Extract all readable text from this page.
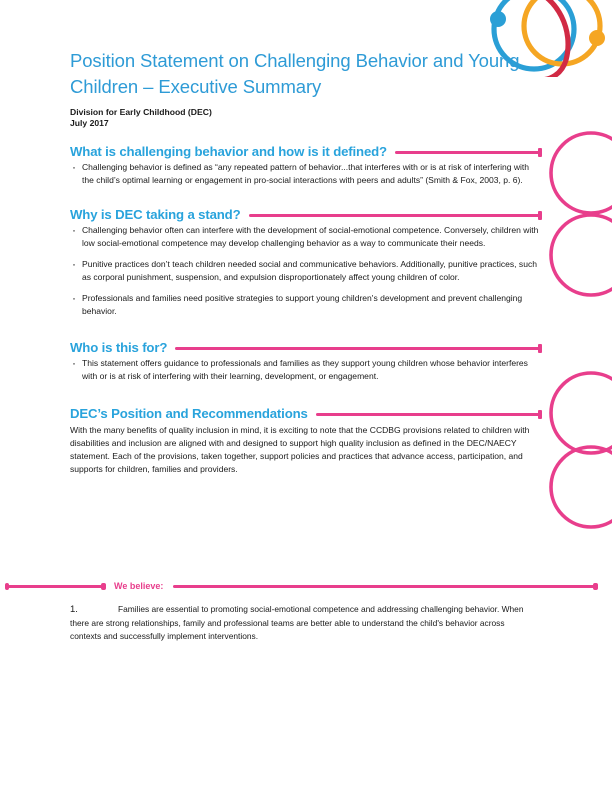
Position Statement on Challenging Behavior and Young Children – Executive Summary
Division for Early Childhood (DEC)
July 2017
What is challenging behavior and how is it defined?
· Challenging behavior is defined as “any repeated pattern of behavior...that interferes with or is at risk of interfering with the child’s optimal learning or engagement in pro-social interactions with peers and adults” (Smith & Fox, 2003, p. 6).
Why is DEC taking a stand?
· Challenging behavior often can interfere with the development of social-emotional competence. Conversely, children with low social-emotional competence may develop challenging behavior as a way to communicate their needs.
· Punitive practices don’t teach children needed social and communicative behaviors. Additionally, punitive practices, such as corporal punishment, suspension, and expulsion disproportionately affect young children of color.
· Professionals and families need positive strategies to support young children's development and prevent challenging behavior.
Who is this for?
· This statement offers guidance to professionals and families as they support young children whose behavior interferes with or is at risk of interfering with their learning, development, or engagement.
DEC’s Position and Recommendations

With the many benefits of quality inclusion in mind, it is exciting to note that the CCDBG provisions related to children with disabilities and inclusion are aligned with and designed to support high quality inclusion as defined in the DEC/NAECY statement. Each of the provisions, taken together, support policies and practices that advance access, participation, and supports for children, families and providers.

We believe:
1.	Families are essential to promoting social-emotional competence and addressing challenging behavior. When there are strong relationships, family and professional teams are better able to understand the child's behavior across contexts and successfully implement interventions.
